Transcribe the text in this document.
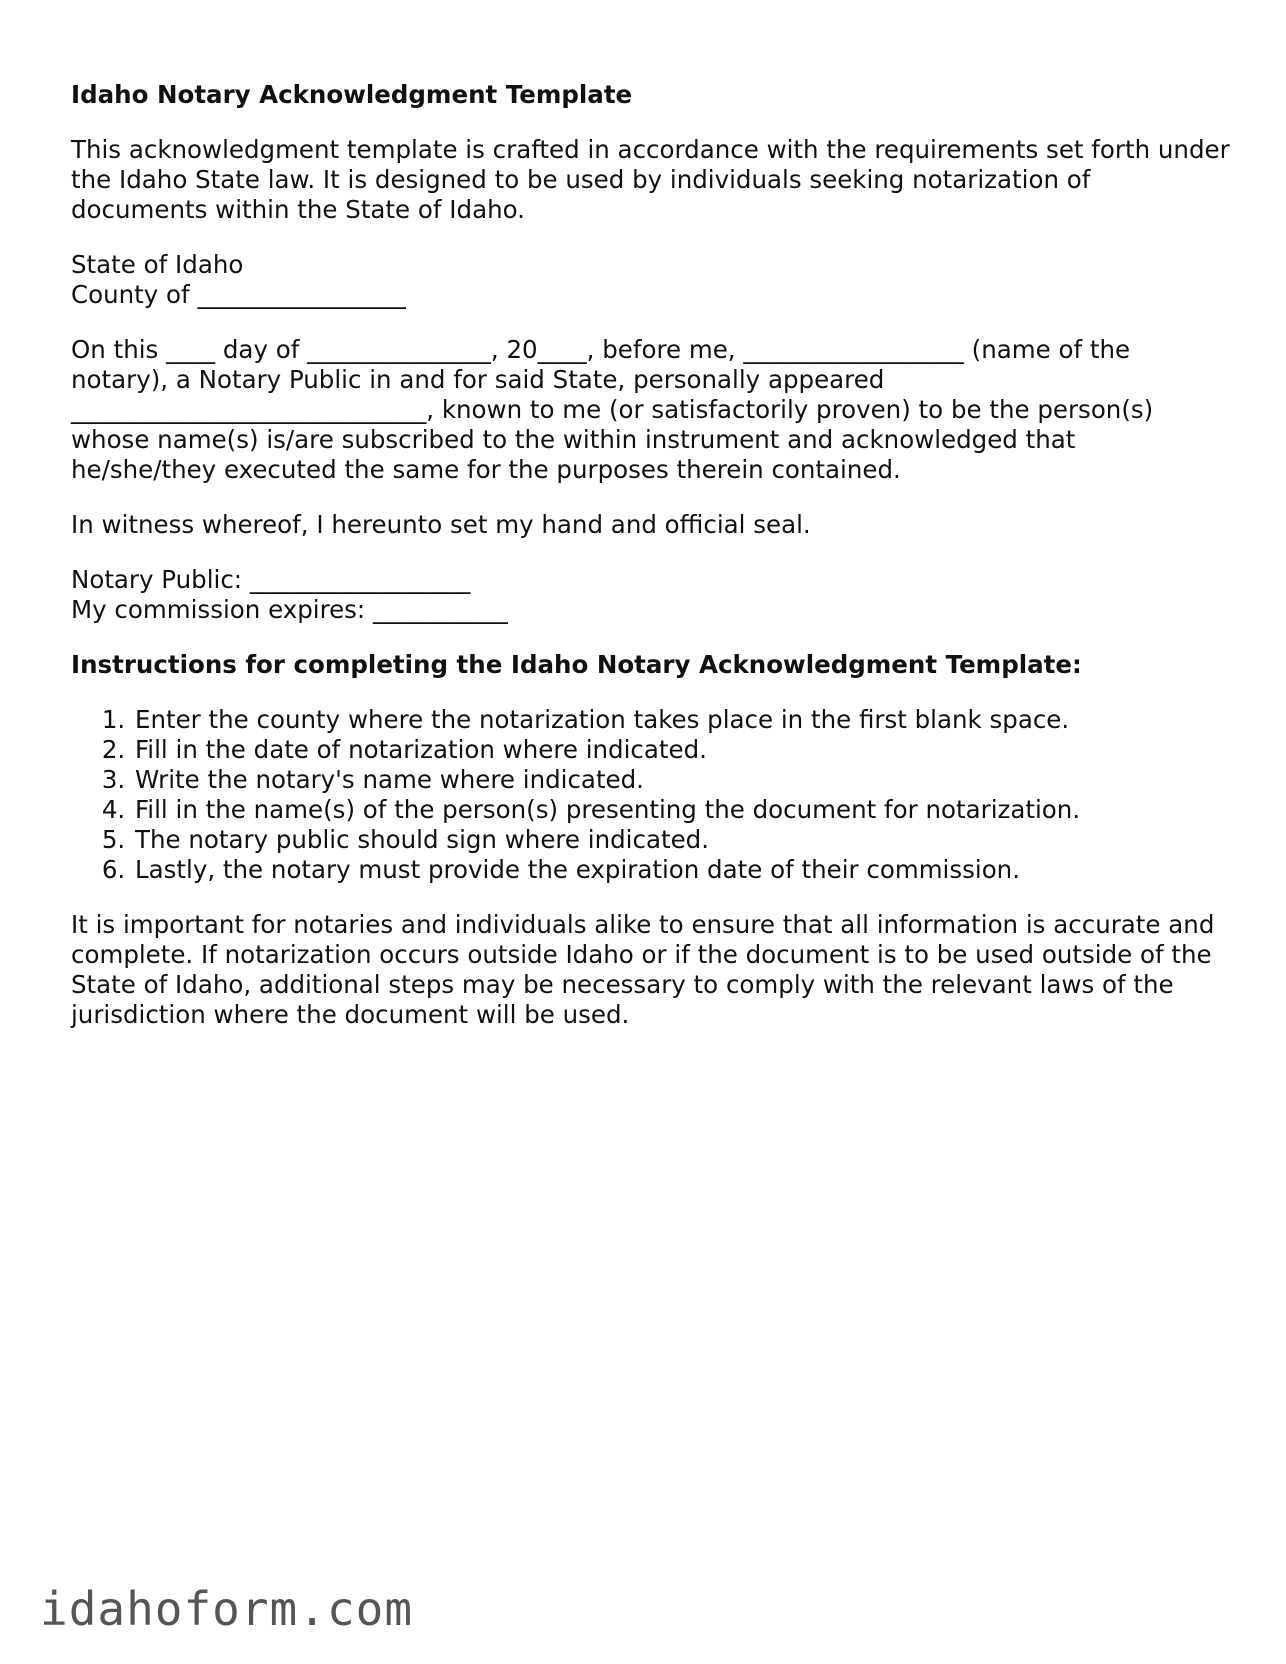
Idaho Notary Acknowledgment Template

This acknowledgment template is crafted in accordance with the requirements set forth under the Idaho State law. It is designed to be used by individuals seeking notarization of documents within the State of Idaho.

State of Idaho
County of _________________
On this ____ day of _______________, 20____, before me, __________________ (name of the
notary), a Notary Public in and for said State, personally appeared
_____________________________, known to me (or satisfactorily proven) to be the person(s)
whose name(s) is/are subscribed to the within instrument and acknowledged that
he/she/they executed the same for the purposes therein contained.

In witness whereof, I hereunto set my hand and official seal.

Notary Public: __________________
My commission expires: ___________
Instructions for completing the Idaho Notary Acknowledgment Template:
1. Enter the county where the notarization takes place in the first blank space.
2. Fill in the date of notarization where indicated.
3. Write the notary's name where indicated.
4. Fill in the name(s) of the person(s) presenting the document for notarization.
5. The notary public should sign where indicated.
6. Lastly, the notary must provide the expiration date of their commission.

It is important for notaries and individuals alike to ensure that all information is accurate and complete. If notarization occurs outside Idaho or if the document is to be used outside of the State of Idaho, additional steps may be necessary to comply with the relevant laws of the jurisdiction where the document will be used.

idahoform.com
